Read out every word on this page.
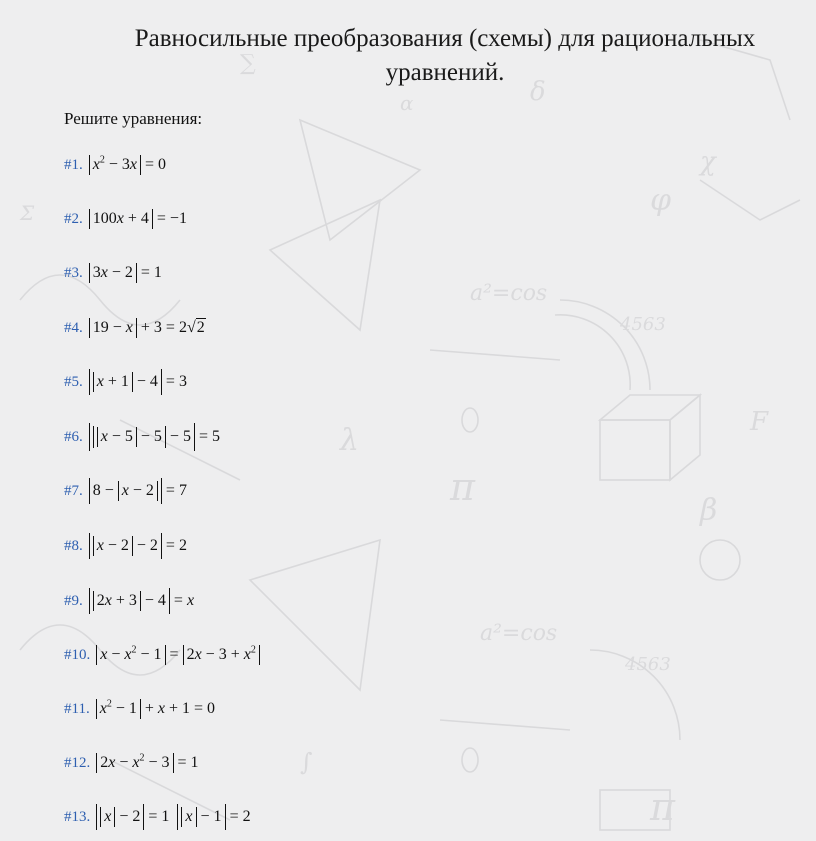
π
π
λ
φ
β
χ
F
a²=cos
a²=cos
4563
4563
∑
δ
Σ
α
∫
Равносильные преобразования (схемы) для рациональных уравнений.
Решите уравнения:
#1. $x^2 - 3x = 0$
#2. 100x + 4 = −1
#3. 3x − 2 = 1
#4. 19 − x + 3 = 2√2
#5. x + 1 − 4 = 3
#6.	x − 5 − 5 − 5 = 5
#7. 8 − x − 2 = 7
#8. x − 2 − 2 = 2
#9. 2x + 3 − 4 = x
#10. $x - x^2 - 1 = 2x - 3 + x^2$
#11. $x^2 - 1 + x + 1 = 0$
#12. $2x - x^2 - 3 = 1$
#13. x − 2 = 1  x − 1 = 2
